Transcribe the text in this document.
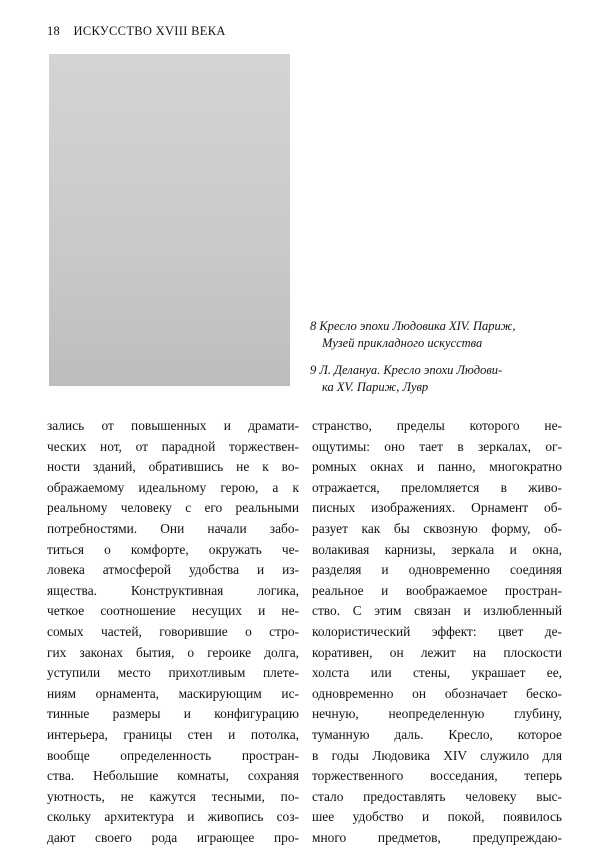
18 ИСКУССТВО XVIII ВЕКА

8 Кресло эпохи Людовика XIV. Париж,
Музей прикладного искусства

9 Л. Делануа. Кресло эпохи Людови-
ка XV. Париж, Лувр

зались от повышенных и драмати-
ческих нот, от парадной торжествен-
ности зданий, обратившись не к во-
ображаемому идеальному герою, а к
реальному человеку с его реальными
потребностями. Они начали забо-
титься о комфорте, окружать че-
ловека атмосферой удобства и из-
ящества. Конструктивная логика,
четкое соотношение несущих и не-
сомых частей, говорившие о стро-
гих законах бытия, о героике долга,
уступили место прихотливым плете-
ниям орнамента, маскирующим ис-
тинные размеры и конфигурацию
интерьера, границы стен и потолка,
вообще определенность простран-
ства. Небольшие комнаты, сохраняя
уютность, не кажутся тесными, по-
скольку архитектура и живопись соз-
дают своего рода играющее про-
странство, пределы которого не-
ощутимы: оно тает в зеркалах, ог-
ромных окнах и панно, многократно
отражается, преломляется в живо-
писных изображениях. Орнамент об-
разует как бы сквозную форму, об-
волакивая карнизы, зеркала и окна,
разделяя и одновременно соединяя
реальное и воображаемое простран-
ство. С этим связан и излюбленный
колористический эффект: цвет де-
коративен, он лежит на плоскости
холста или стены, украшает ее,
одновременно он обозначает беско-
нечную, неопределенную глубину,
туманную даль. Кресло, которое
в годы Людовика XIV служило для
торжественного восседания, теперь
стало предоставлять человеку выс-
шее удобство и покой, появилось
много предметов, предупреждаю-
